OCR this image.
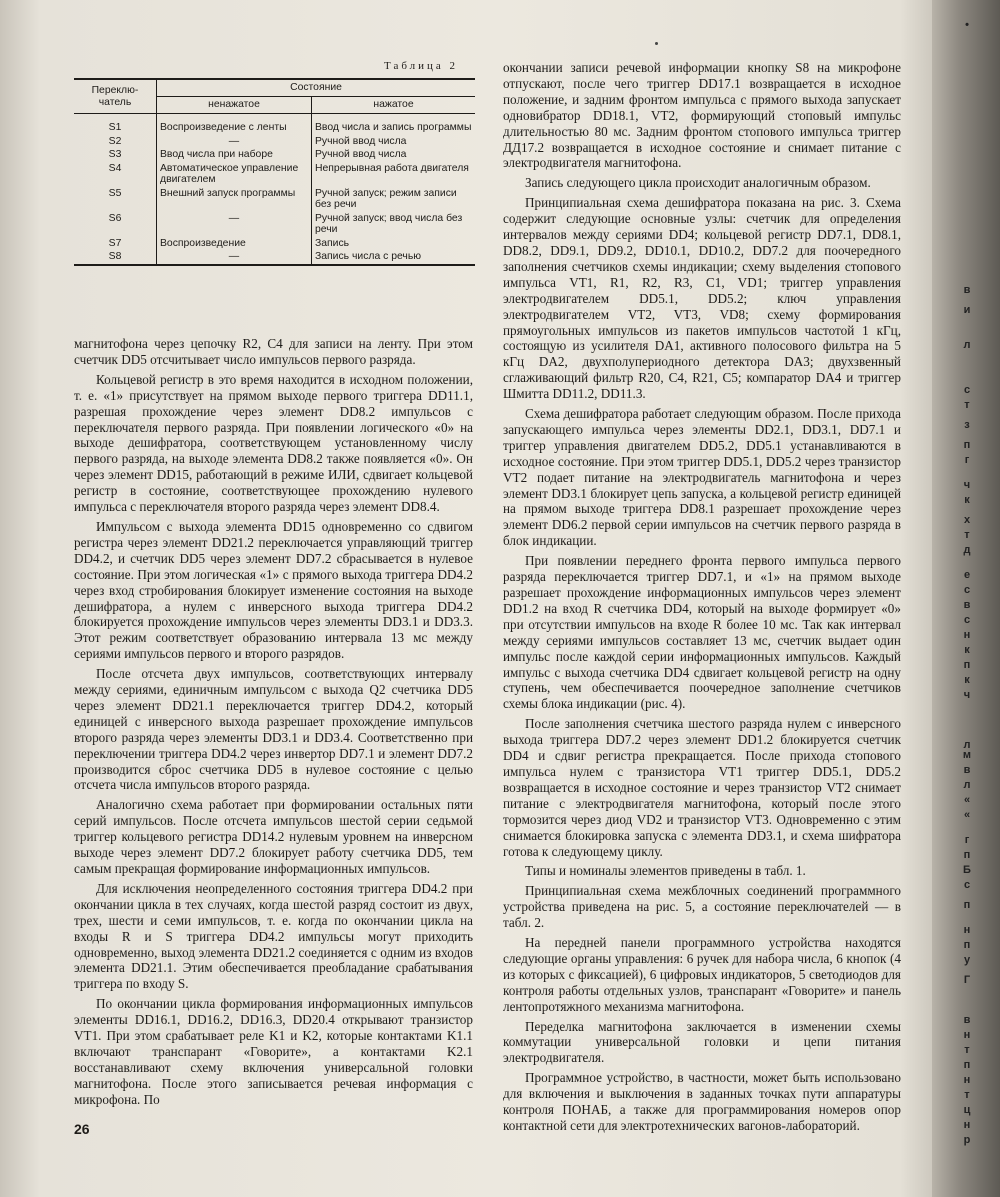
•
в
и
л
с
т
з
п
г
ч
к
х
т
д
е
с
в
с
н
к
п
к
ч
л
м
в
л
«
«
г
п
Б
с
п
н
п
у
Г
в
н
т
п
н
т
ц
н
р
Таблица 2
Переклю-чатель	Состояние	
	ненажатое	нажатое
S1	Воспроизведение с ленты	Ввод числа и запись программы
S2	—	Ручной ввод числа
S3	Ввод числа при наборе	Ручной ввод числа
S4	Автоматическое управление двигателем	Непрерывная работа двигателя
S5	Внешний запуск программы	Ручной запуск; режим записи без речи
S6	—	Ручной запуск; ввод числа без речи
S7	Воспроизведение	Запись
S8	—	Запись числа с речью

магнитофона через цепочку R2, C4 для записи на ленту. При этом счетчик DD5 отсчитывает число импульсов первого разряда.

Кольцевой регистр в это время находится в исходном положении, т. е. «1» присутствует на прямом выходе первого триггера DD11.1, разрешая прохождение через элемент DD8.2 импульсов с переключателя первого разряда. При появлении логического «0» на выходе дешифратора, соответствующем установленному числу первого разряда, на выходе элемента DD8.2 также появляется «0». Он через элемент DD15, работающий в режиме ИЛИ, сдвигает кольцевой регистр в состояние, соответствующее прохождению нулевого импульса с переключателя второго разряда через элемент DD8.4.

Импульсом с выхода элемента DD15 одновременно со сдвигом регистра через элемент DD21.2 переключается управляющий триггер DD4.2, и счетчик DD5 через элемент DD7.2 сбрасывается в нулевое состояние. При этом логическая «1» с прямого выхода триггера DD4.2 через вход стробирования блокирует изменение состояния на выходе дешифратора, а нулем с инверсного выхода триггера DD4.2 блокируется прохождение импульсов через элементы DD3.1 и DD3.3. Этот режим соответствует образованию интервала 13 мс между сериями импульсов первого и второго разрядов.

После отсчета двух импульсов, соответствующих интервалу между сериями, единичным импульсом с выхода Q2 счетчика DD5 через элемент DD21.1 переключается триггер DD4.2, который единицей с инверсного выхода разрешает прохождение импульсов второго разряда через элементы DD3.1 и DD3.4. Соответственно при переключении триггера DD4.2 через инвертор DD7.1 и элемент DD7.2 производится сброс счетчика DD5 в нулевое состояние с целью отсчета числа импульсов второго разряда.

Аналогично схема работает при формировании остальных пяти серий импульсов. После отсчета импульсов шестой серии седьмой триггер кольцевого регистра DD14.2 нулевым уровнем на инверсном выходе через элемент DD7.2 блокирует работу счетчика DD5, тем самым прекращая формирование информационных импульсов.

Для исключения неопределенного состояния триггера DD4.2 при окончании цикла в тех случаях, когда шестой разряд состоит из двух, трех, шести и семи импульсов, т. е. когда по окончании цикла на входы R и S триггера DD4.2 импульсы могут приходить одновременно, выход элемента DD21.2 соединяется с одним из входов элемента DD21.1. Этим обеспечивается преобладание срабатывания триггера по входу S.

По окончании цикла формирования информационных импульсов элементы DD16.1, DD16.2, DD16.3, DD20.4 открывают транзистор VT1. При этом срабатывает реле K1 и K2, которые контактами K1.1 включают транспарант «Говорите», а контактами K2.1 восстанавливают схему включения универсальной головки магнитофона. После этого записывается речевая информация с микрофона. По

окончании записи речевой информации кнопку S8 на микрофоне отпускают, после чего триггер DD17.1 возвращается в исходное положение, и задним фронтом импульса с прямого выхода запускает одновибратор DD18.1, VT2, формирующий стоповый импульс длительностью 80 мс. Задним фронтом стопового импульса триггер ДД17.2 возвращается в исходное состояние и снимает питание с электродвигателя магнитофона.

Запись следующего цикла происходит аналогичным образом.

Принципиальная схема дешифратора показана на рис. 3. Схема содержит следующие основные узлы: счетчик для определения интервалов между сериями DD4; кольцевой регистр DD7.1, DD8.1, DD8.2, DD9.1, DD9.2, DD10.1, DD10.2, DD7.2 для поочередного заполнения счетчиков схемы индикации; схему выделения стопового импульса VT1, R1, R2, R3, C1, VD1; триггер управления электродвигателем DD5.1, DD5.2; ключ управления электродвигателем VT2, VT3, VD8; схему формирования прямоугольных импульсов из пакетов импульсов частотой 1 кГц, состоящую из усилителя DA1, активного полосового фильтра на 5 кГц DA2, двухполупериодного детектора DA3; двухзвенный сглаживающий фильтр R20, C4, R21, C5; компаратор DA4 и триггер Шмитта DD11.2, DD11.3.

Схема дешифратора работает следующим образом. После прихода запускающего импульса через элементы DD2.1, DD3.1, DD7.1 и триггер управления двигателем DD5.2, DD5.1 устанавливаются в исходное состояние. При этом триггер DD5.1, DD5.2 через транзистор VT2 подает питание на электродвигатель магнитофона и через элемент DD3.1 блокирует цепь запуска, а кольцевой регистр единицей на прямом выходе триггера DD8.1 разрешает прохождение через элемент DD6.2 первой серии импульсов на счетчик первого разряда в блок индикации.

При появлении переднего фронта первого импульса первого разряда переключается триггер DD7.1, и «1» на прямом выходе разрешает прохождение информационных импульсов через элемент DD1.2 на вход R счетчика DD4, который на выходе формирует «0» при отсутствии импульсов на входе R более 10 мс. Так как интервал между сериями импульсов составляет 13 мс, счетчик выдает один импульс после каждой серии информационных импульсов. Каждый импульс с выхода счетчика DD4 сдвигает кольцевой регистр на одну ступень, чем обеспечивается поочередное заполнение счетчиков схемы блока индикации (рис. 4).

После заполнения счетчика шестого разряда нулем с инверсного выхода триггера DD7.2 через элемент DD1.2 блокируется счетчик DD4 и сдвиг регистра прекращается. После прихода стопового импульса нулем с транзистора VT1 триггер DD5.1, DD5.2 возвращается в исходное состояние и через транзистор VT2 снимает питание с электродвигателя магнитофона, который после этого тормозится через диод VD2 и транзистор VT3. Одновременно с этим снимается блокировка запуска с элемента DD3.1, и схема шифратора готова к следующему циклу.

Типы и номиналы элементов приведены в табл. 1.

Принципиальная схема межблочных соединений программного устройства приведена на рис. 5, а состояние переключателей — в табл. 2.

На передней панели программного устройства находятся следующие органы управления: 6 ручек для набора числа, 6 кнопок (4 из которых с фиксацией), 6 цифровых индикаторов, 5 светодиодов для контроля работы отдельных узлов, транспарант «Говорите» и панель лентопротяжного механизма магнитофона.

Переделка магнитофона заключается в изменении схемы коммутации универсальной головки и цепи питания электродвигателя.

Программное устройство, в частности, может быть использовано для включения и выключения в заданных точках пути аппаратуры контроля ПОНАБ, а также для программирования номеров опор контактной сети для электротехнических вагонов-лабораторий.

26
